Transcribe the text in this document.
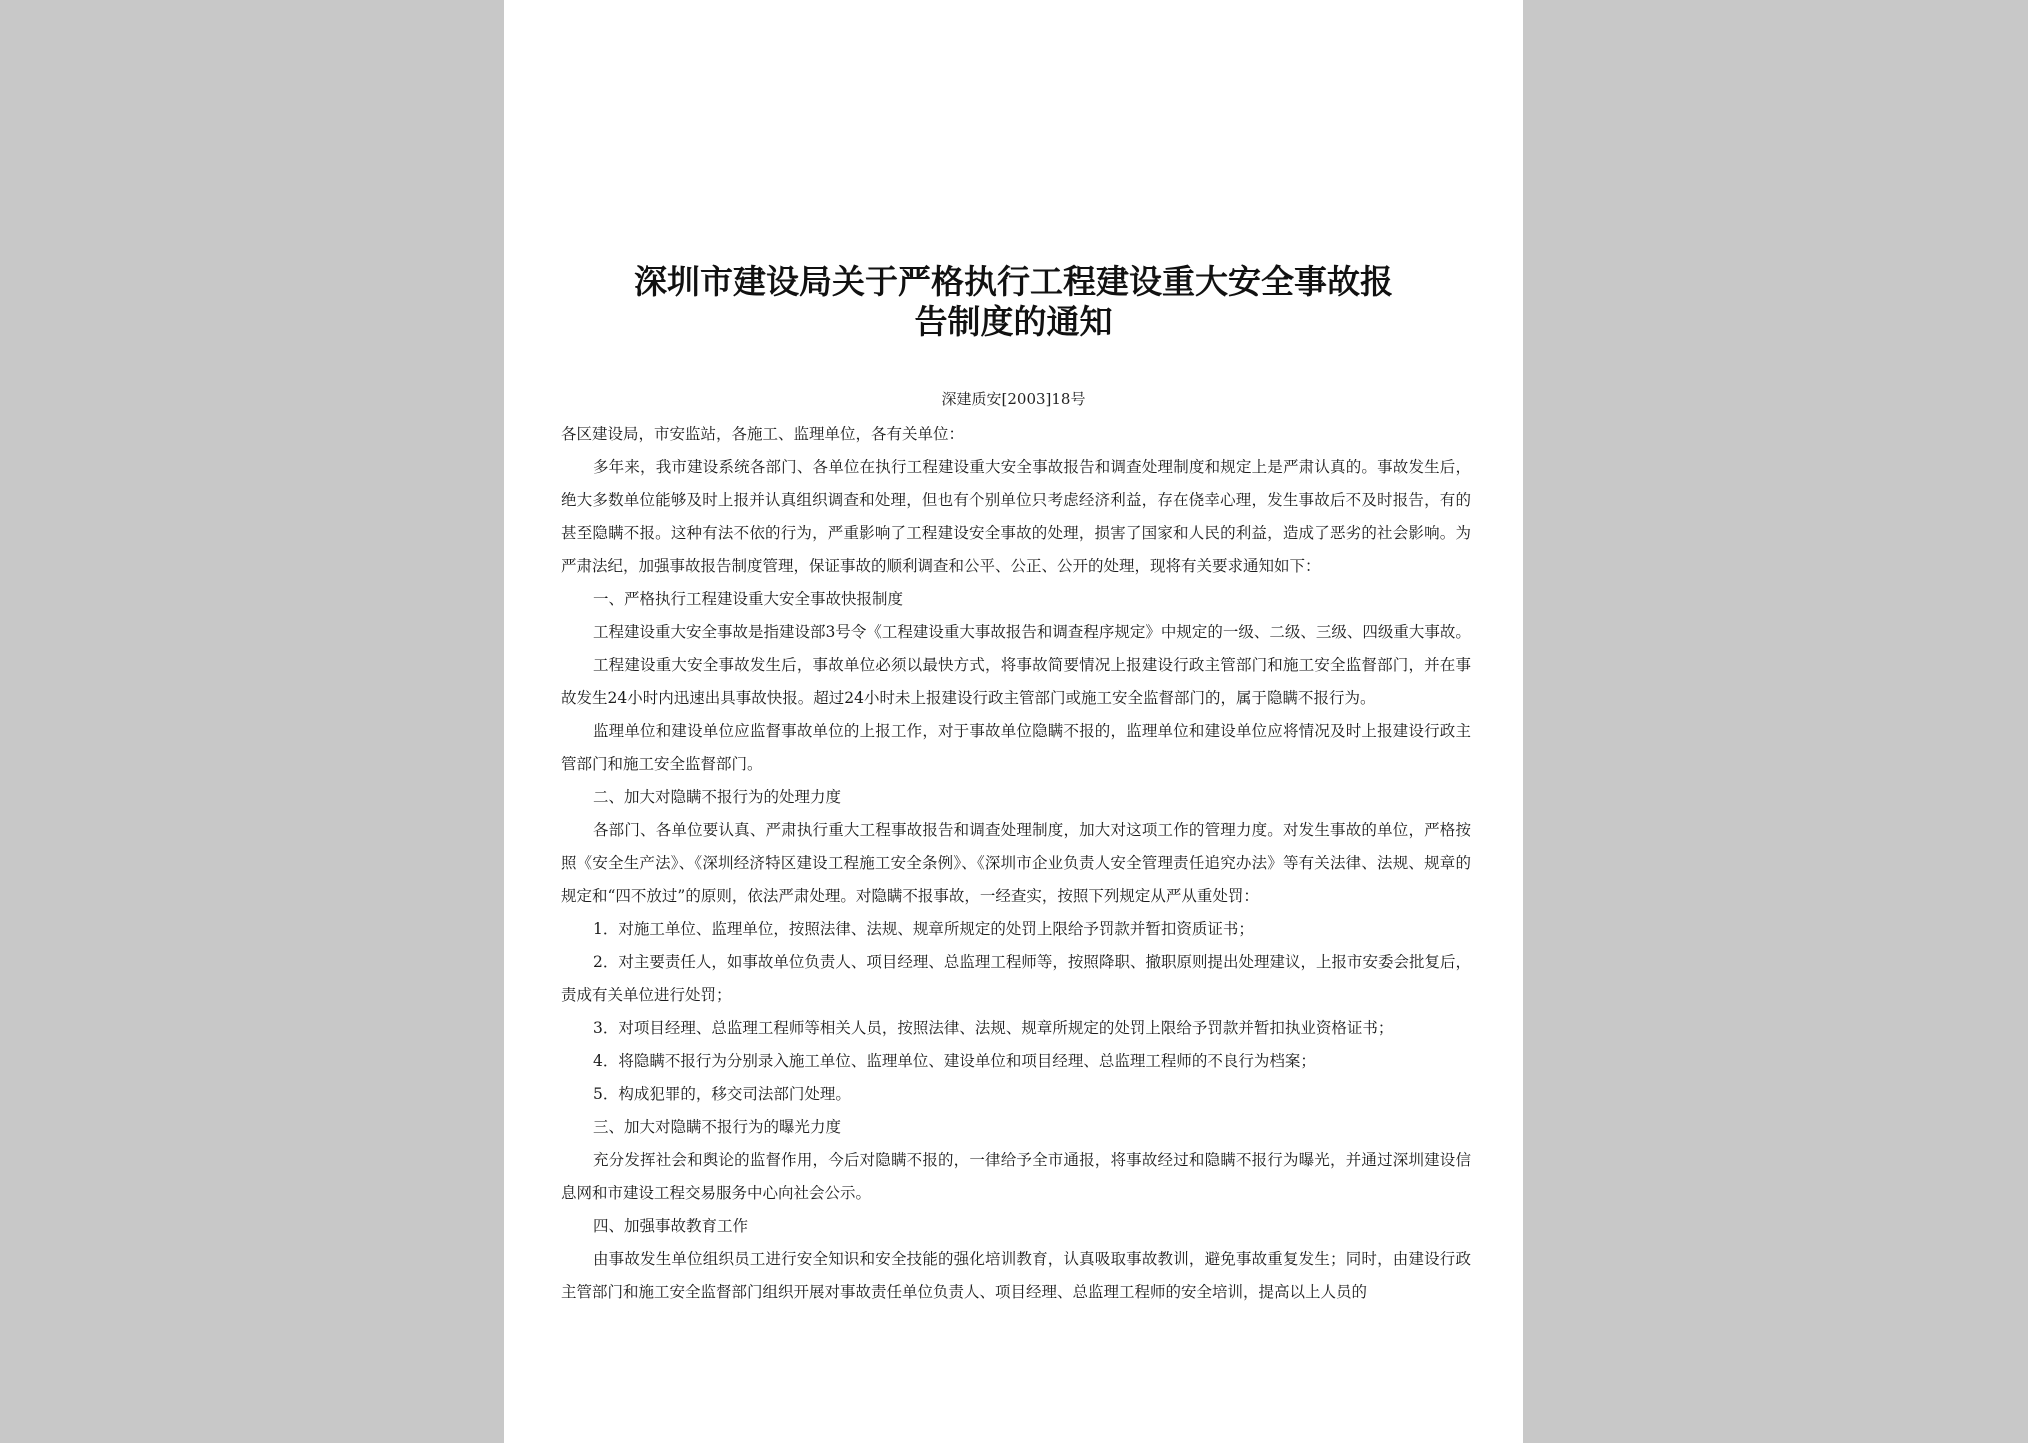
深圳市建设局关于严格执行工程建设重大安全事故报
告制度的通知
深建质安[2003]18号

各区建设局，市安监站，各施工、监理单位，各有关单位：

多年来，我市建设系统各部门、各单位在执行工程建设重大安全事故报告和调查处理制度和规定上是严肃认真的。事故发生后，绝大多数单位能够及时上报并认真组织调查和处理，但也有个别单位只考虑经济利益，存在侥幸心理，发生事故后不及时报告，有的甚至隐瞒不报。这种有法不依的行为，严重影响了工程建设安全事故的处理，损害了国家和人民的利益，造成了恶劣的社会影响。为严肃法纪，加强事故报告制度管理，保证事故的顺利调查和公平、公正、公开的处理，现将有关要求通知如下：

一、严格执行工程建设重大安全事故快报制度

工程建设重大安全事故是指建设部3号令《工程建设重大事故报告和调查程序规定》中规定的一级、二级、三级、四级重大事故。

工程建设重大安全事故发生后，事故单位必须以最快方式，将事故简要情况上报建设行政主管部门和施工安全监督部门，并在事故发生24小时内迅速出具事故快报。超过24小时未上报建设行政主管部门或施工安全监督部门的，属于隐瞒不报行为。

监理单位和建设单位应监督事故单位的上报工作，对于事故单位隐瞒不报的，监理单位和建设单位应将情况及时上报建设行政主管部门和施工安全监督部门。

二、加大对隐瞒不报行为的处理力度

各部门、各单位要认真、严肃执行重大工程事故报告和调查处理制度，加大对这项工作的管理力度。对发生事故的单位，严格按照《安全生产法》、《深圳经济特区建设工程施工安全条例》、《深圳市企业负责人安全管理责任追究办法》等有关法律、法规、规章的规定和“四不放过”的原则，依法严肃处理。对隐瞒不报事故，一经查实，按照下列规定从严从重处罚：

1．对施工单位、监理单位，按照法律、法规、规章所规定的处罚上限给予罚款并暂扣资质证书；

2．对主要责任人，如事故单位负责人、项目经理、总监理工程师等，按照降职、撤职原则提出处理建议，上报市安委会批复后，责成有关单位进行处罚；

3．对项目经理、总监理工程师等相关人员，按照法律、法规、规章所规定的处罚上限给予罚款并暂扣执业资格证书；

4．将隐瞒不报行为分别录入施工单位、监理单位、建设单位和项目经理、总监理工程师的不良行为档案；

5．构成犯罪的，移交司法部门处理。

三、加大对隐瞒不报行为的曝光力度

充分发挥社会和舆论的监督作用，今后对隐瞒不报的，一律给予全市通报，将事故经过和隐瞒不报行为曝光，并通过深圳建设信息网和市建设工程交易服务中心向社会公示。

四、加强事故教育工作

由事故发生单位组织员工进行安全知识和安全技能的强化培训教育，认真吸取事故教训，避免事故重复发生；同时，由建设行政主管部门和施工安全监督部门组织开展对事故责任单位负责人、项目经理、总监理工程师的安全培训，提高以上人员的
